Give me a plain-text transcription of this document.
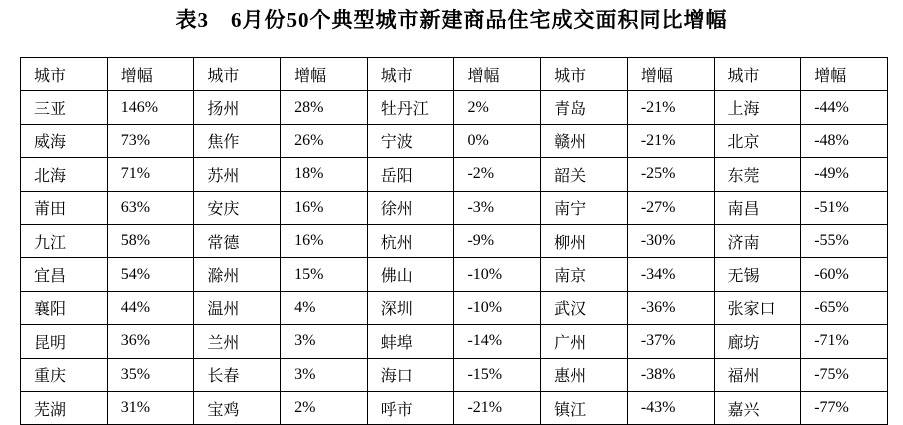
表3　6月份50个典型城市新建商品住宅成交面积同比增幅
城市	增幅	城市	增幅	城市	增幅	城市	增幅	城市	增幅
三亚	146%	扬州	28%	牡丹江	2%	青岛	-21%	上海	-44%
威海	73%	焦作	26%	宁波	0%	赣州	-21%	北京	-48%
北海	71%	苏州	18%	岳阳	-2%	韶关	-25%	东莞	-49%
莆田	63%	安庆	16%	徐州	-3%	南宁	-27%	南昌	-51%
九江	58%	常德	16%	杭州	-9%	柳州	-30%	济南	-55%
宜昌	54%	滁州	15%	佛山	-10%	南京	-34%	无锡	-60%
襄阳	44%	温州	4%	深圳	-10%	武汉	-36%	张家口	-65%
昆明	36%	兰州	3%	蚌埠	-14%	广州	-37%	廊坊	-71%
重庆	35%	长春	3%	海口	-15%	惠州	-38%	福州	-75%
芜湖	31%	宝鸡	2%	呼市	-21%	镇江	-43%	嘉兴	-77%
